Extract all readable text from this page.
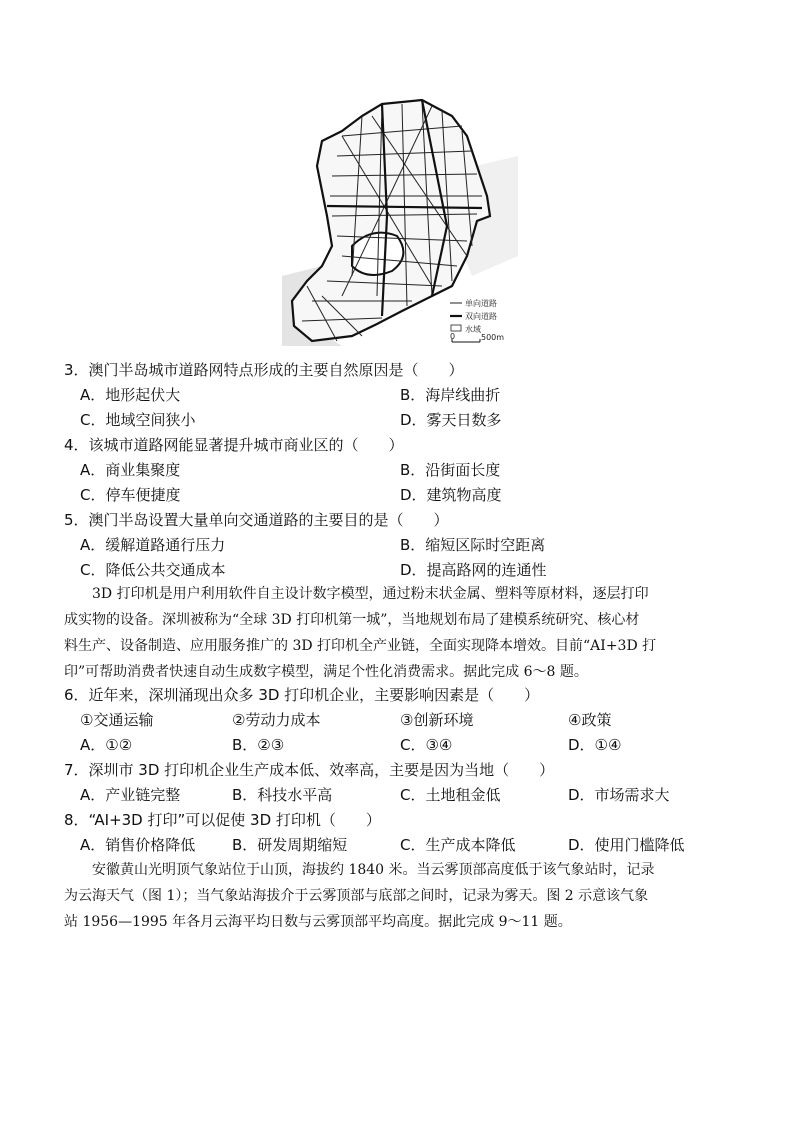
单向道路
双向道路
水域
0	500m
3．澳门半岛城市道路网特点形成的主要自然原因是（　　）
A．地形起伏大	B．海岸线曲折
C．地域空间狭小	D．雾天日数多
4．该城市道路网能显著提升城市商业区的（　　）
A．商业集聚度	B．沿街面长度
C．停车便捷度	D．建筑物高度
5．澳门半岛设置大量单向交通道路的主要目的是（　　）
A．缓解道路通行压力	B．缩短区际时空距离
C．降低公共交通成本	D．提高路网的连通性
3D 打印机是用户利用软件自主设计数字模型，通过粉末状金属、塑料等原材料，逐层打印
成实物的设备。深圳被称为“全球 3D 打印机第一城”，当地规划布局了建模系统研究、核心材
料生产、设备制造、应用服务推广的 3D 打印机全产业链，全面实现降本增效。目前“AI+3D 打
印”可帮助消费者快速自动生成数字模型，满足个性化消费需求。据此完成 6～8 题。
6．近年来，深圳涌现出众多 3D 打印机企业，主要影响因素是（　　）
①交通运输	②劳动力成本	③创新环境	④政策
A．①②	B．②③	C．③④	D．①④
7．深圳市 3D 打印机企业生产成本低、效率高，主要是因为当地（　　）
A．产业链完整	B．科技水平高	C．土地租金低	D．市场需求大
8．“AI+3D 打印”可以促使 3D 打印机（　　）
A．销售价格降低 B．研发周期缩短	C．生产成本降低	D．使用门槛降低
安徽黄山光明顶气象站位于山顶，海拔约 1840 米。当云雾顶部高度低于该气象站时，记录
为云海天气（图 1）；当气象站海拔介于云雾顶部与底部之间时，记录为雾天。图 2 示意该气象
站 1956—1995 年各月云海平均日数与云雾顶部平均高度。据此完成 9～11 题。
